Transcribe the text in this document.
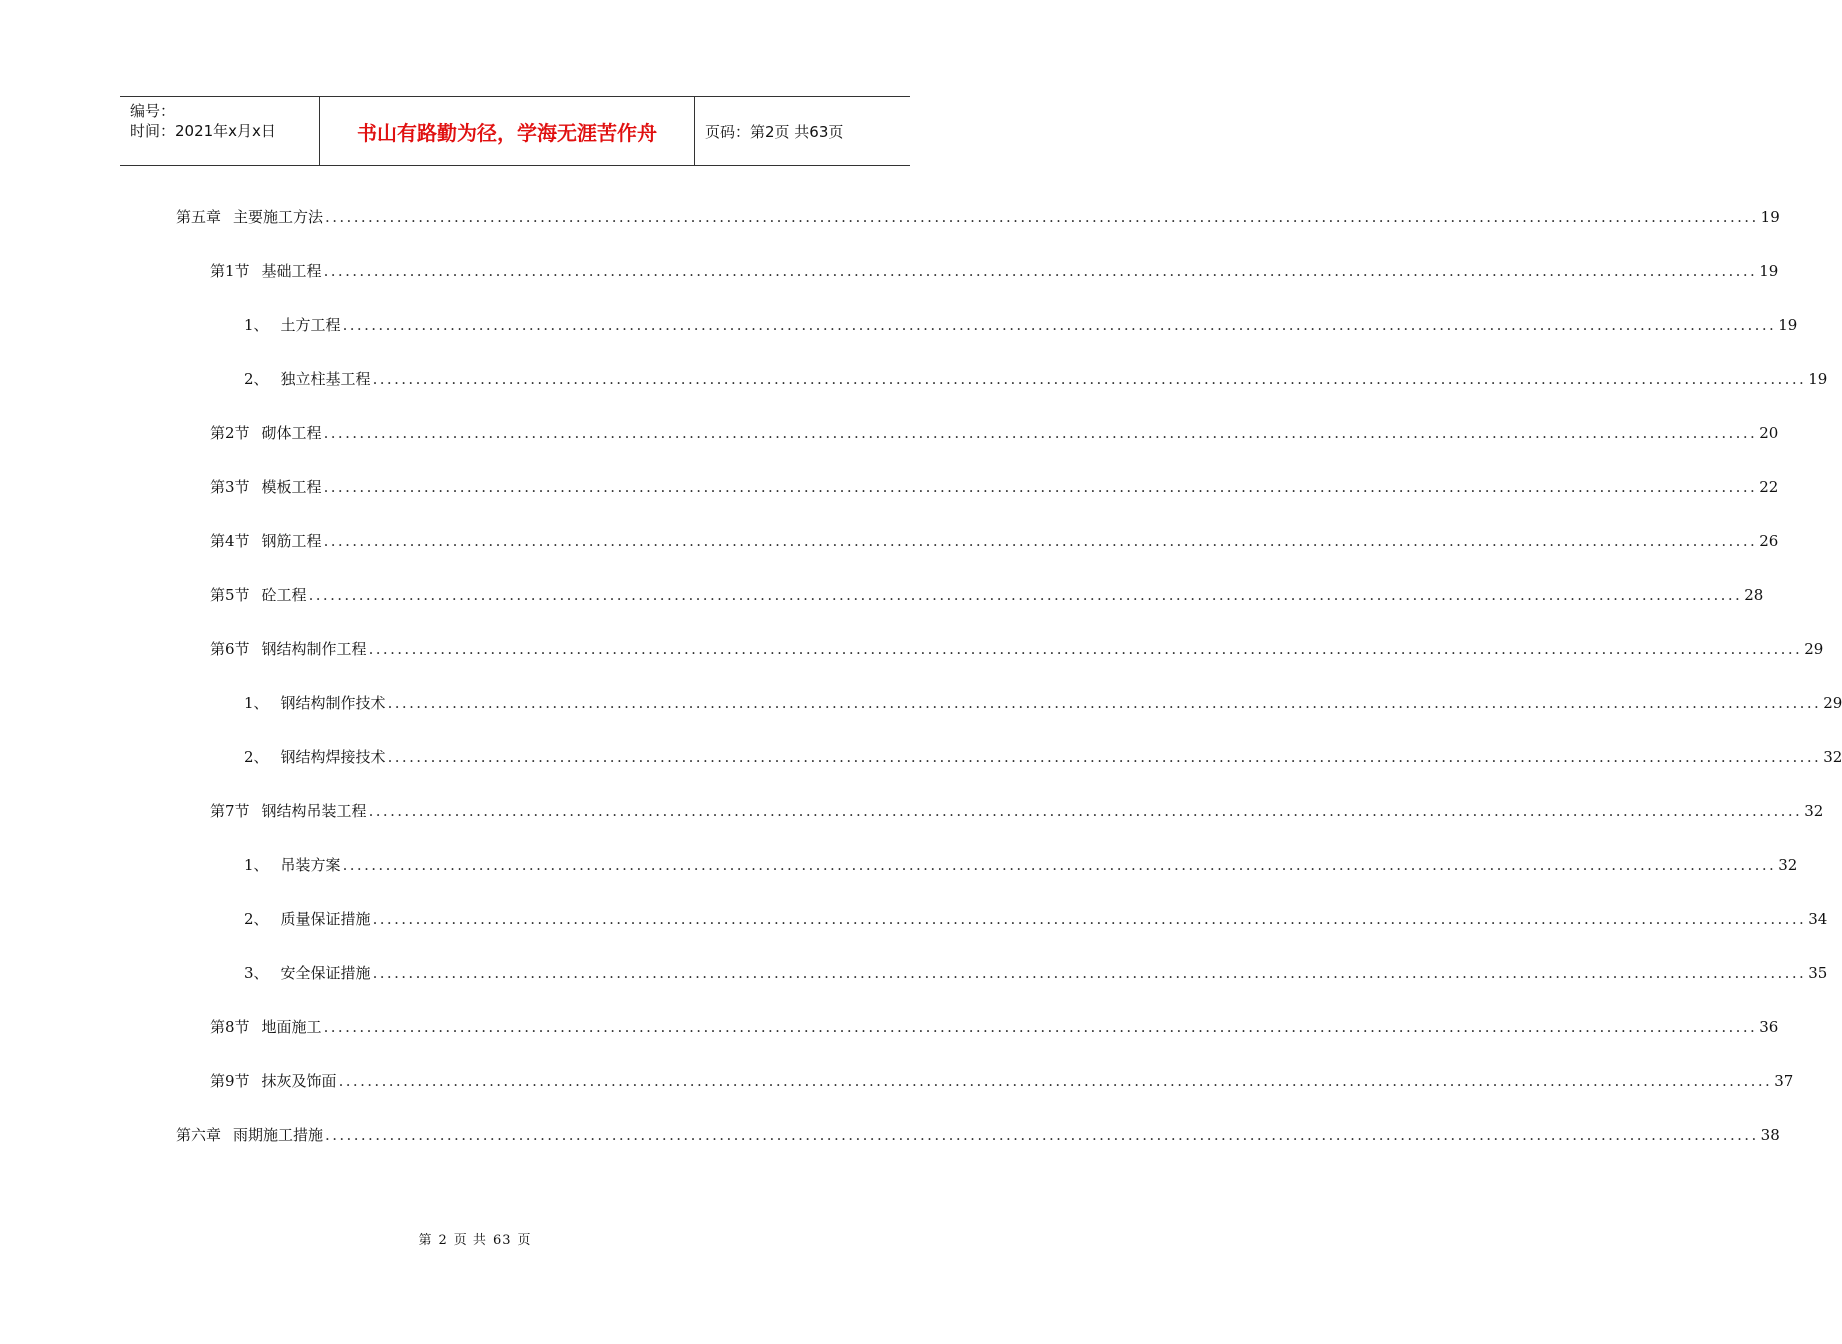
编号：
时间：2021年x月x日	书山有路勤为径，学海无涯苦作舟	页码：第2页 共63页
第五章 主要施工方法 ........................................................................................................................................................................................................ 19
第1节 基础工程 ........................................................................................................................................................................................................ 19
1、 土方工程 ........................................................................................................................................................................................................ 19
2、 独立柱基工程 ........................................................................................................................................................................................................ 19
第2节 砌体工程 ........................................................................................................................................................................................................ 20
第3节 模板工程 ........................................................................................................................................................................................................ 22
第4节 钢筋工程 ........................................................................................................................................................................................................ 26
第5节 砼工程 ........................................................................................................................................................................................................ 28
第6节 钢结构制作工程 ........................................................................................................................................................................................................ 29
1、 钢结构制作技术 ........................................................................................................................................................................................................ 29
2、 钢结构焊接技术 ........................................................................................................................................................................................................ 32
第7节 钢结构吊装工程 ........................................................................................................................................................................................................ 32
1、 吊装方案 ........................................................................................................................................................................................................ 32
2、 质量保证措施 ........................................................................................................................................................................................................ 34
3、 安全保证措施 ........................................................................................................................................................................................................ 35
第8节 地面施工 ........................................................................................................................................................................................................ 36
第9节 抹灰及饰面 ........................................................................................................................................................................................................ 37
第六章 雨期施工措施 ........................................................................................................................................................................................................ 38
第 2 页 共 63 页
